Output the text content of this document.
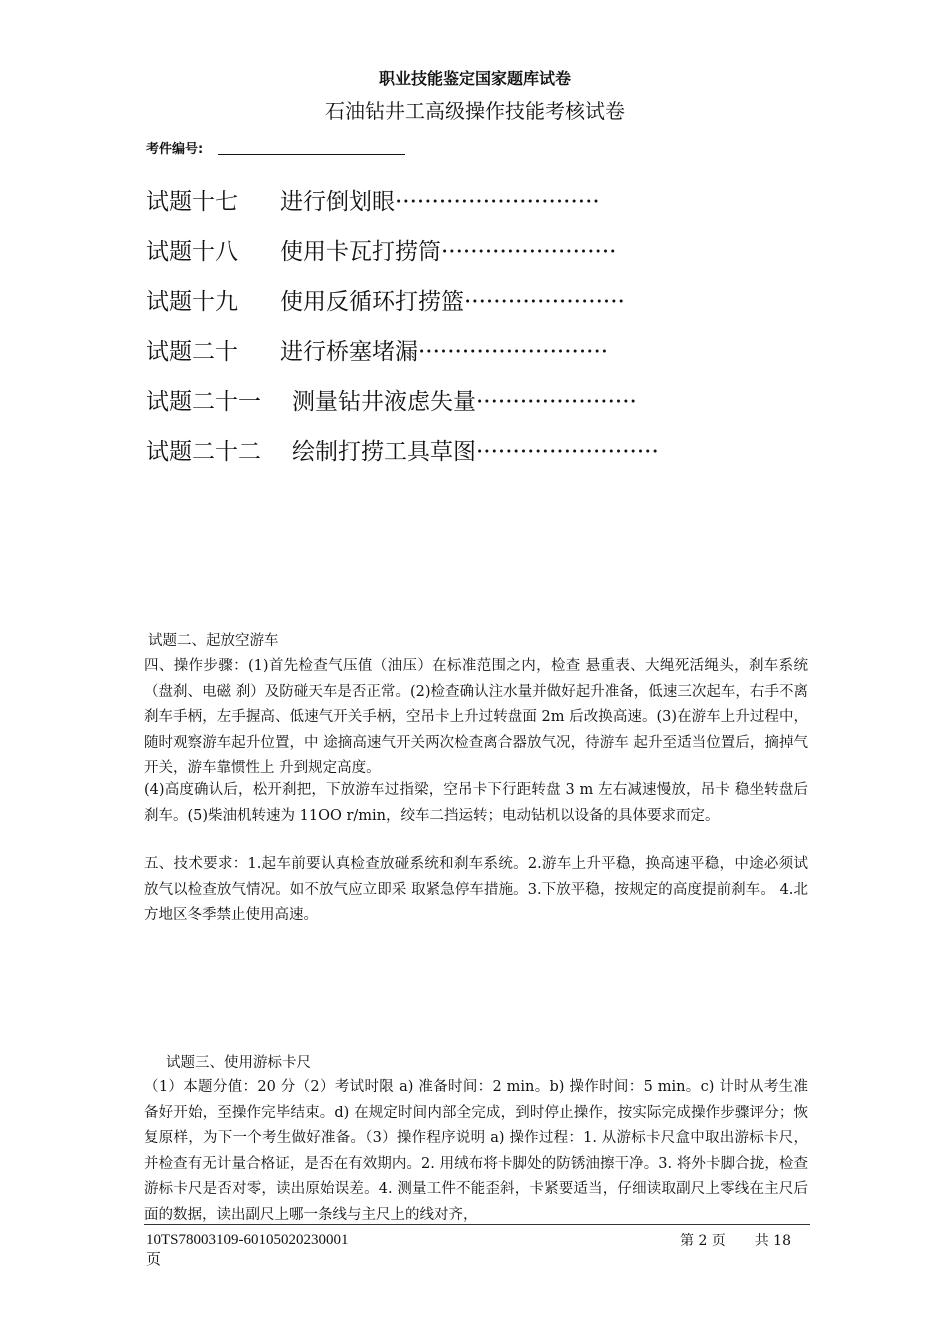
职业技能鉴定国家题库试卷
石油钻井工高级操作技能考核试卷
考件编号:
试题十七 进行倒划眼····························
试题十八 使用卡瓦打捞筒························
试题十九 使用反循环打捞篮······················
试题二十 进行桥塞堵漏··························
试题二十一 测量钻井液虑失量······················
试题二十二 绘制打捞工具草图·························
试题二、起放空游车
四、操作步骤：(1)首先检查气压值（油压）在标准范围之内，检查 悬重表、大绳死活绳头，刹车系统（盘刹、电磁 刹）及防碰天车是否正常。(2)检查确认注水量并做好起升准备，低速三次起车，右手不离刹车手柄，左手握高、低速气开关手柄，空吊卡上升过转盘面 2m 后改换高速。(3)在游车上升过程中，随时观察游车起升位置，中 途摘高速气开关两次检查离合器放气况，待游车 起升至适当位置后，摘掉气开关，游车靠惯性上 升到规定高度。
(4)高度确认后，松开刹把，下放游车过指梁，空吊卡下行距转盘 3 m 左右减速慢放，吊卡 稳坐转盘后刹车。(5)柴油机转速为 11OO r/min，绞车二挡运转；电动钻机以设备的具体要求而定。
五、技术要求：1.起车前要认真检查放碰系统和刹车系统。2.游车上升平稳，换高速平稳，中途必须试 放气以检查放气情况。如不放气应立即采 取紧急停车措施。3.下放平稳，按规定的高度提前刹车。 4.北方地区冬季禁止使用高速。
试题三、使用游标卡尺
（1）本题分值：20 分（2）考试时限 a) 准备时间：2 min。b) 操作时间：5 min。c) 计时从考生准备好开始，至操作完毕结束。d) 在规定时间内部全完成，到时停止操作，按实际完成操作步骤评分；恢复原样，为下一个考生做好准备。（3）操作程序说明 a) 操作过程：1. 从游标卡尺盒中取出游标卡尺，并检查有无计量合格证，是否在有效期内。2. 用绒布将卡脚处的防锈油擦干净。3. 将外卡脚合拢，检查游标卡尺是否对零，读出原始误差。4. 测量工件不能歪斜，卡紧要适当，仔细读取副尺上零线在主尺后面的数据，读出副尺上哪一条线与主尺上的线对齐，
10TS78003109-60105020230001
页
第 2 页 共 18
